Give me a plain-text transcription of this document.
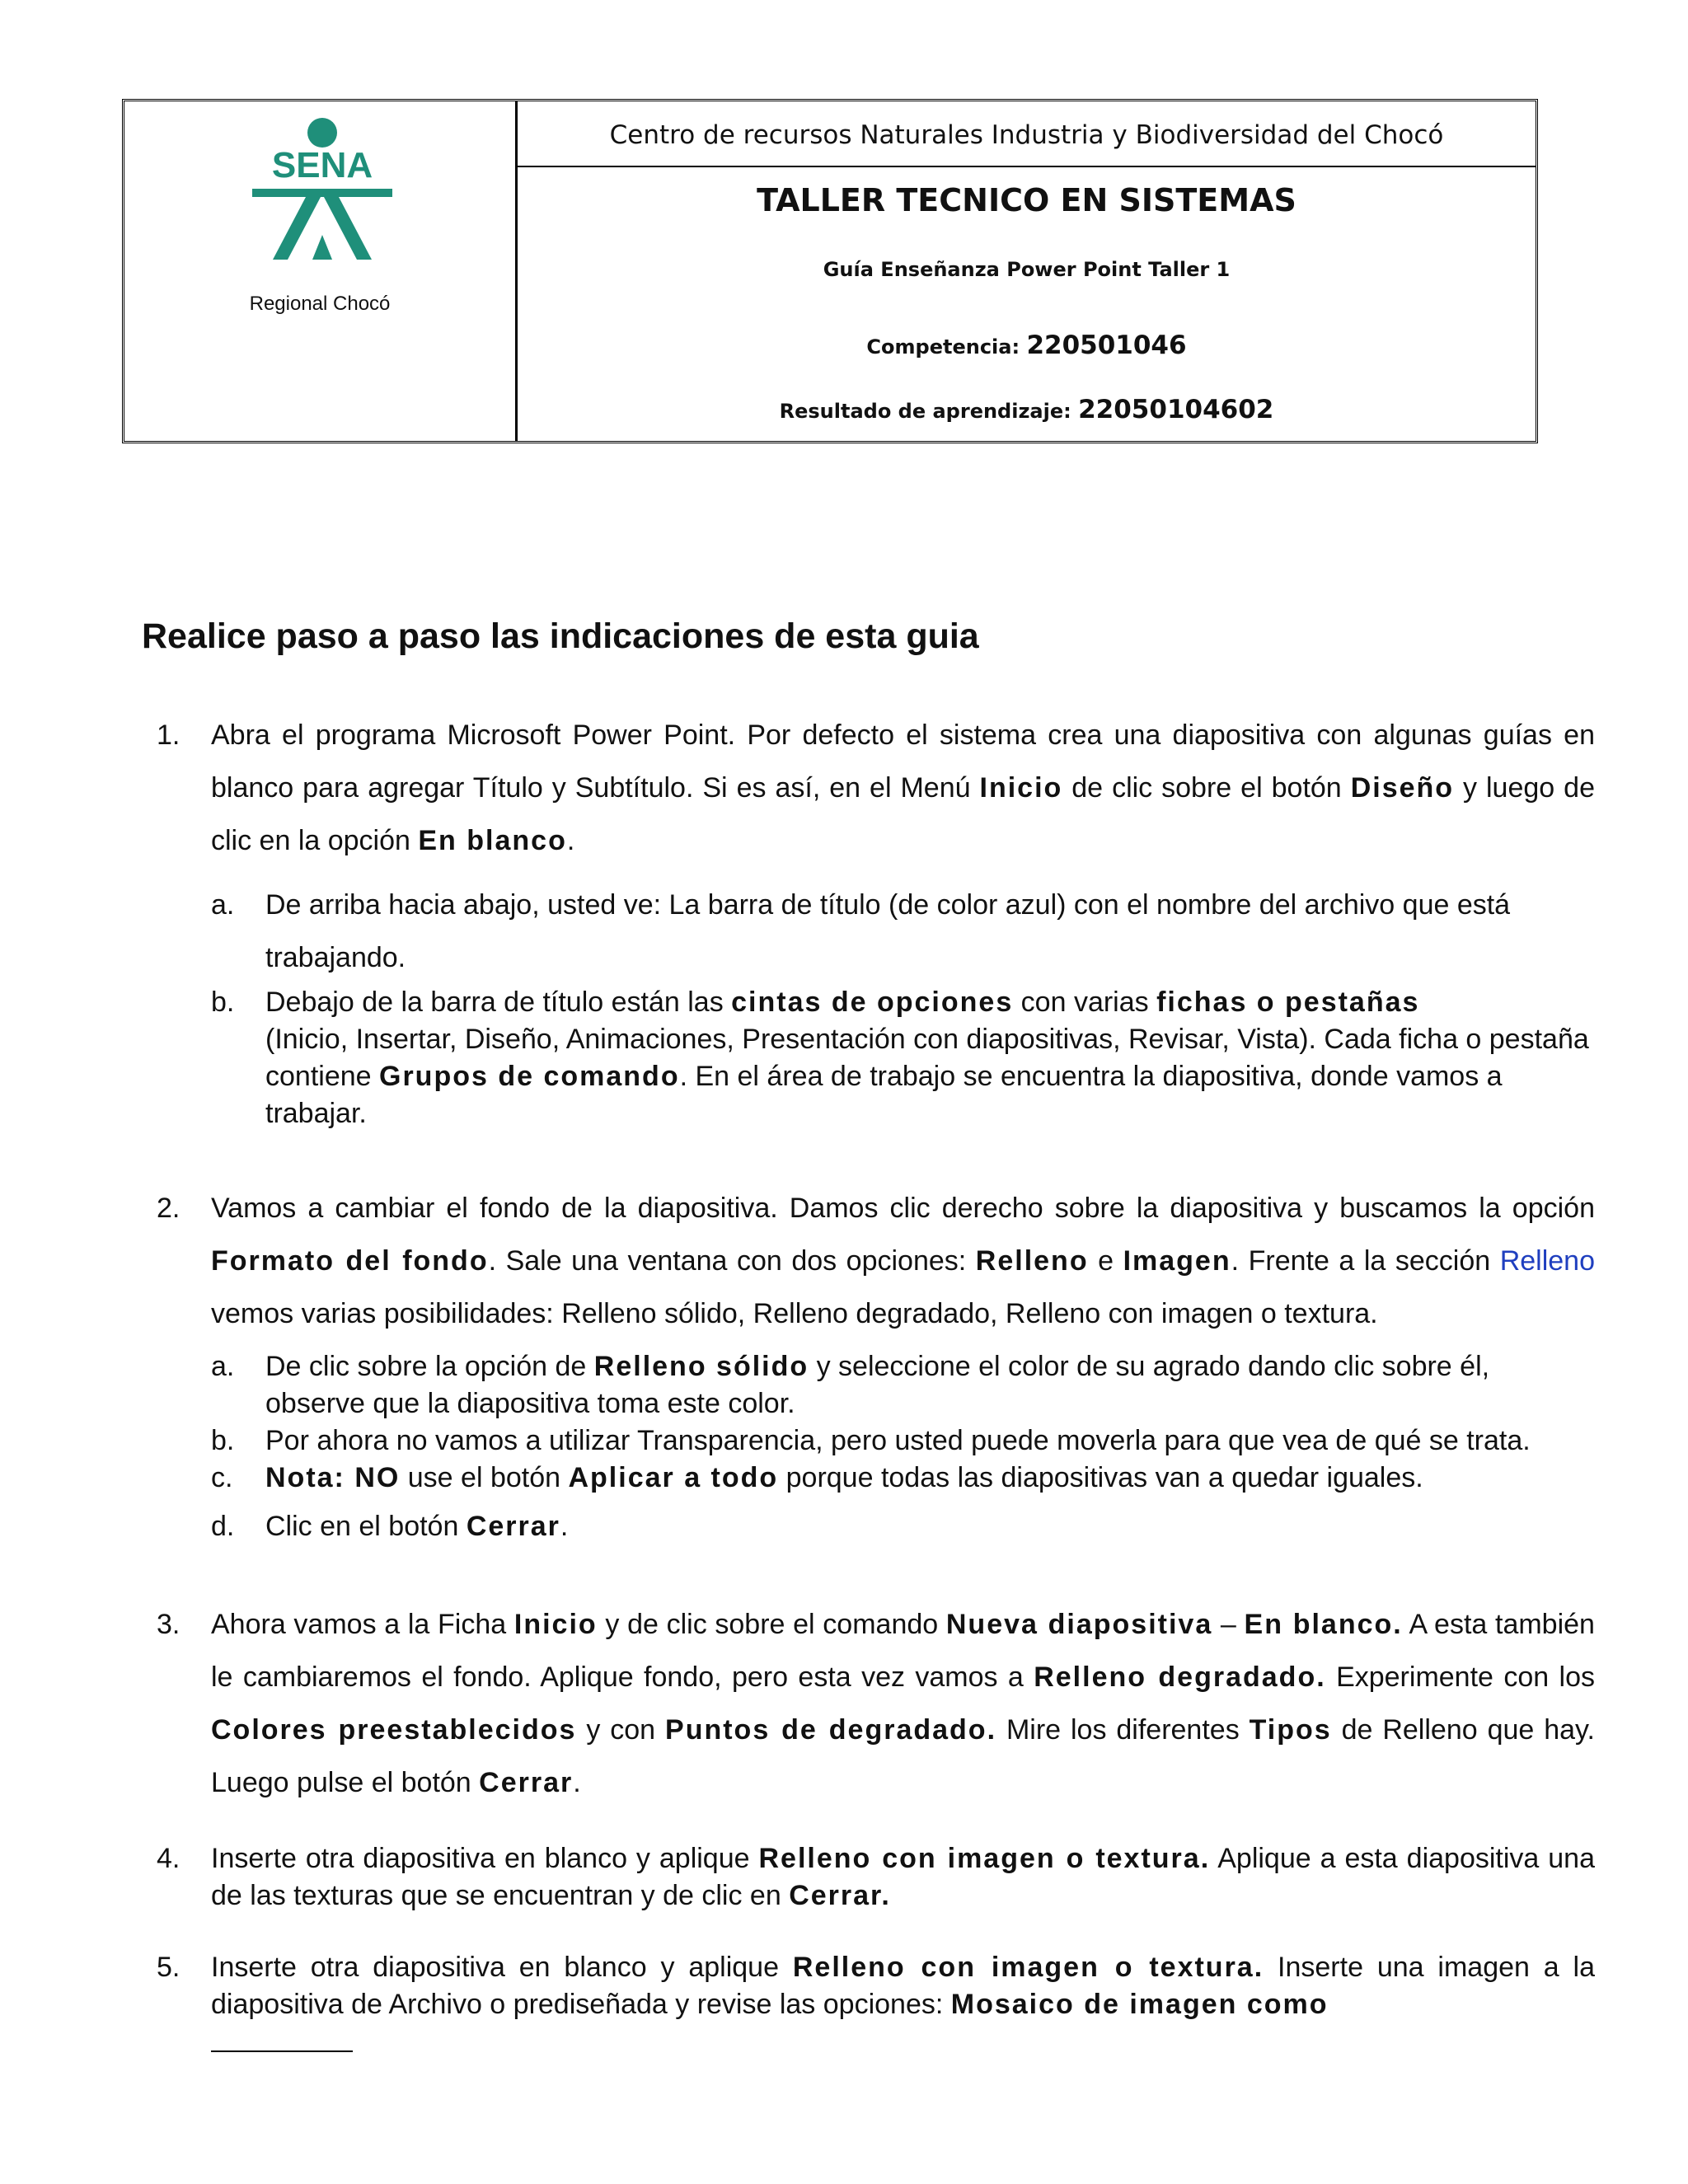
SENA
Regional Chocó
Centro de recursos Naturales Industria y Biodiversidad del Chocó
TALLER TECNICO EN SISTEMAS
Guía Enseñanza Power Point Taller 1
Competencia: 220501046
Resultado de aprendizaje: 22050104602
Realice paso a paso las indicaciones de esta guia
1. Abra el programa Microsoft Power Point. Por defecto el sistema crea una diapositiva con algunas guías en blanco para agregar Título y Subtítulo. Si es así, en el Menú Inicio de clic sobre el botón Diseño y luego de clic en la opción En blanco.
a. De arriba hacia abajo, usted ve: La barra de título (de color azul) con el nombre del archivo que está trabajando.
b. Debajo de la barra de título están las cintas de opciones con varias fichas o pestañas
(Inicio, Insertar, Diseño, Animaciones, Presentación con diapositivas, Revisar, Vista). Cada ficha o pestaña
contiene Grupos de comando. En el área de trabajo se encuentra la diapositiva, donde vamos a trabajar.
2. Vamos a cambiar el fondo de la diapositiva. Damos clic derecho sobre la diapositiva y buscamos la opción Formato del fondo. Sale una ventana con dos opciones: Relleno e Imagen. Frente a la sección Relleno vemos varias posibilidades: Relleno sólido, Relleno degradado, Relleno con imagen o textura.
a. De clic sobre la opción de Relleno sólido y seleccione el color de su agrado dando clic sobre él, observe que la diapositiva toma este color.
b. Por ahora no vamos a utilizar Transparencia, pero usted puede moverla para que vea de qué se trata.
c. Nota: NO use el botón Aplicar a todo porque todas las diapositivas van a quedar iguales.
d. Clic en el botón Cerrar.
3. Ahora vamos a la Ficha Inicio y de clic sobre el comando Nueva diapositiva – En blanco. A esta también le cambiaremos el fondo. Aplique fondo, pero esta vez vamos a Relleno degradado. Experimente con los Colores preestablecidos y con Puntos de degradado. Mire los diferentes Tipos de Relleno que hay. Luego pulse el botón Cerrar.
4. Inserte otra diapositiva en blanco y aplique Relleno con imagen o textura. Aplique a esta diapositiva una de las texturas que se encuentran y de clic en Cerrar.
5. Inserte otra diapositiva en blanco y aplique Relleno con imagen o textura. Inserte una imagen a la diapositiva de Archivo o prediseñada y revise las opciones: Mosaico de imagen como
